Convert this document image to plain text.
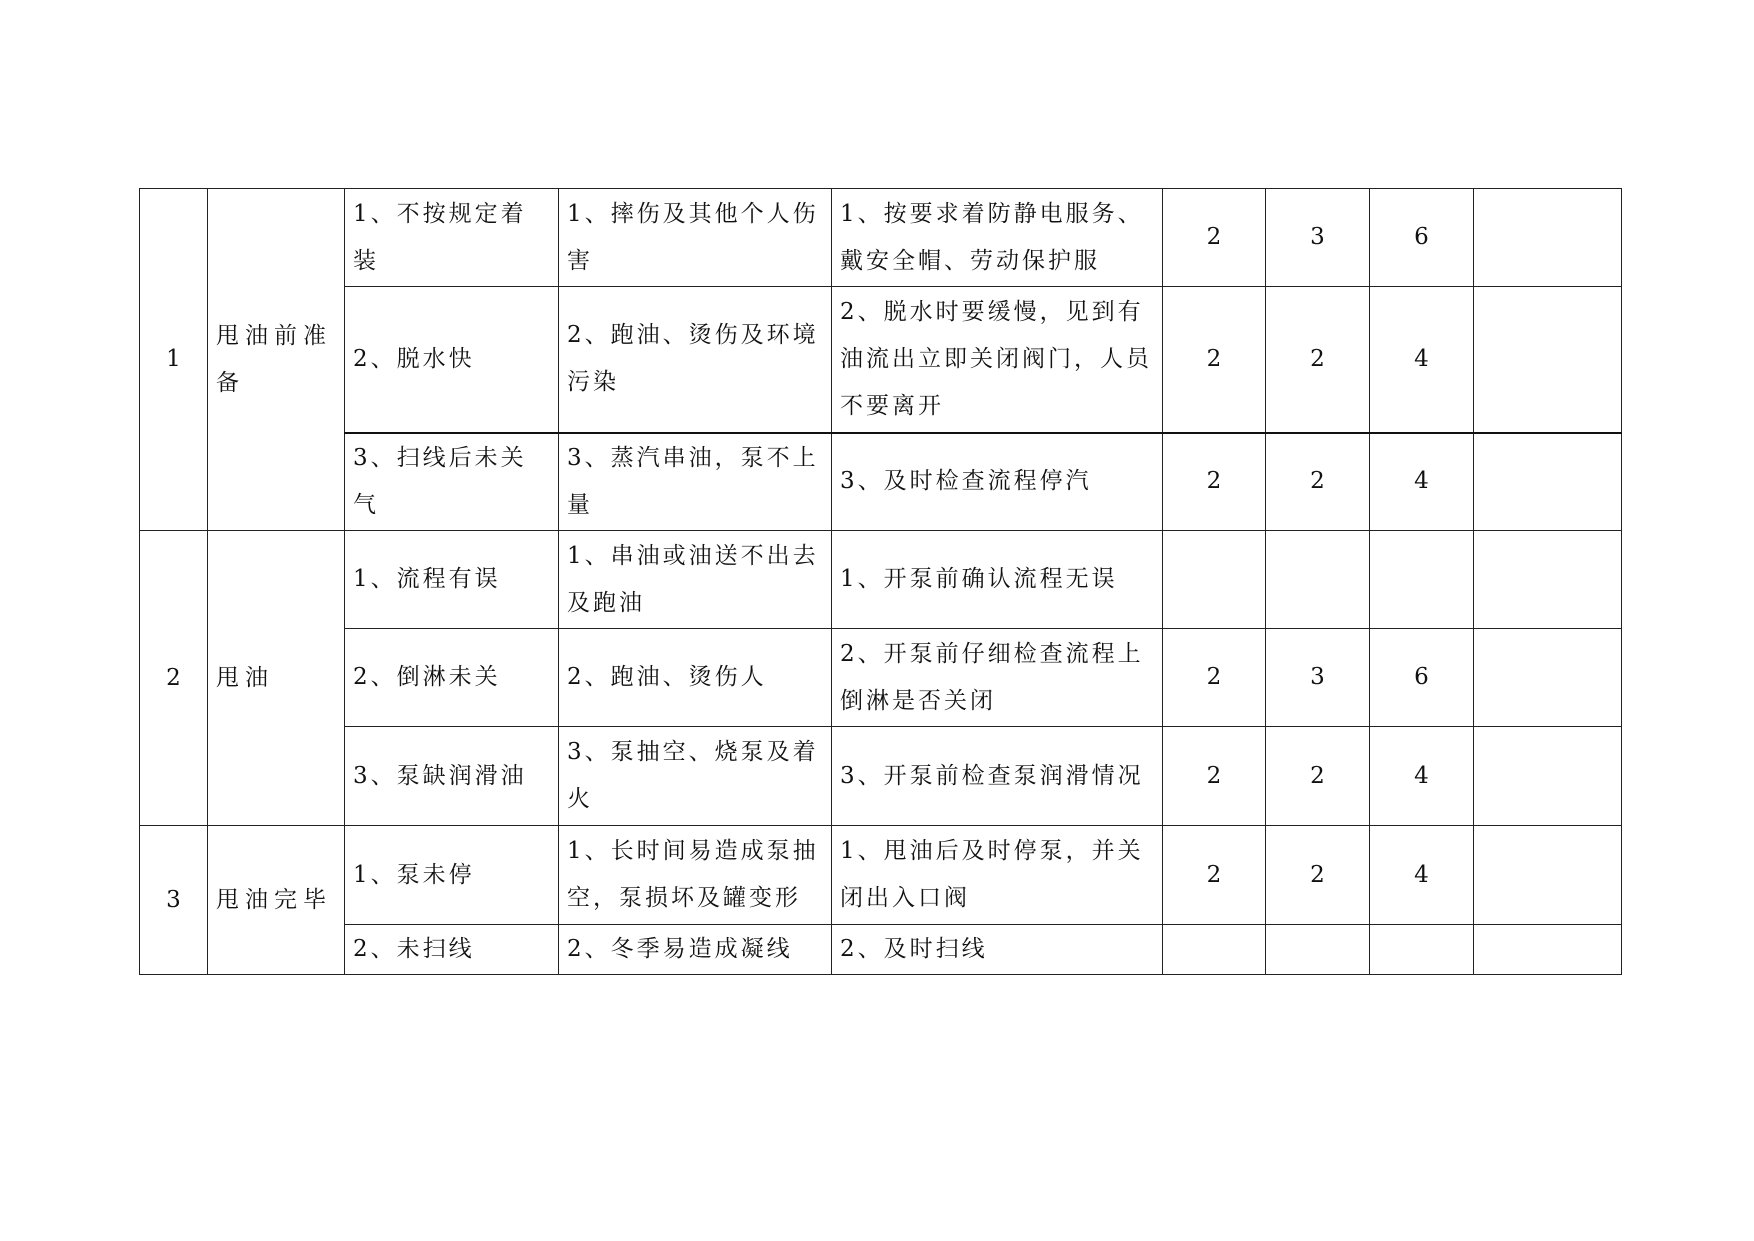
1	甩油前准备	1、不按规定着装	1、摔伤及其他个人伤害	1、按要求着防静电服务、戴安全帽、劳动保护服	2	3	6	
		2、脱水快	2、跑油、烫伤及环境污染	2、脱水时要缓慢，见到有油流出立即关闭阀门，人员不要离开	2	2	4	
		3、扫线后未关气	3、蒸汽串油，泵不上量	3、及时检查流程停汽	2	2	4	
2	甩油	1、流程有误	1、串油或油送不出去及跑油	1、开泵前确认流程无误				
		2、倒淋未关	2、跑油、烫伤人	2、开泵前仔细检查流程上倒淋是否关闭	2	3	6	
		3、泵缺润滑油	3、泵抽空、烧泵及着火	3、开泵前检查泵润滑情况	2	2	4	
3	甩油完毕	1、泵未停	1、长时间易造成泵抽空，泵损坏及罐变形	1、甩油后及时停泵，并关闭出入口阀	2	2	4	
		2、未扫线	2、冬季易造成凝线	2、及时扫线				
